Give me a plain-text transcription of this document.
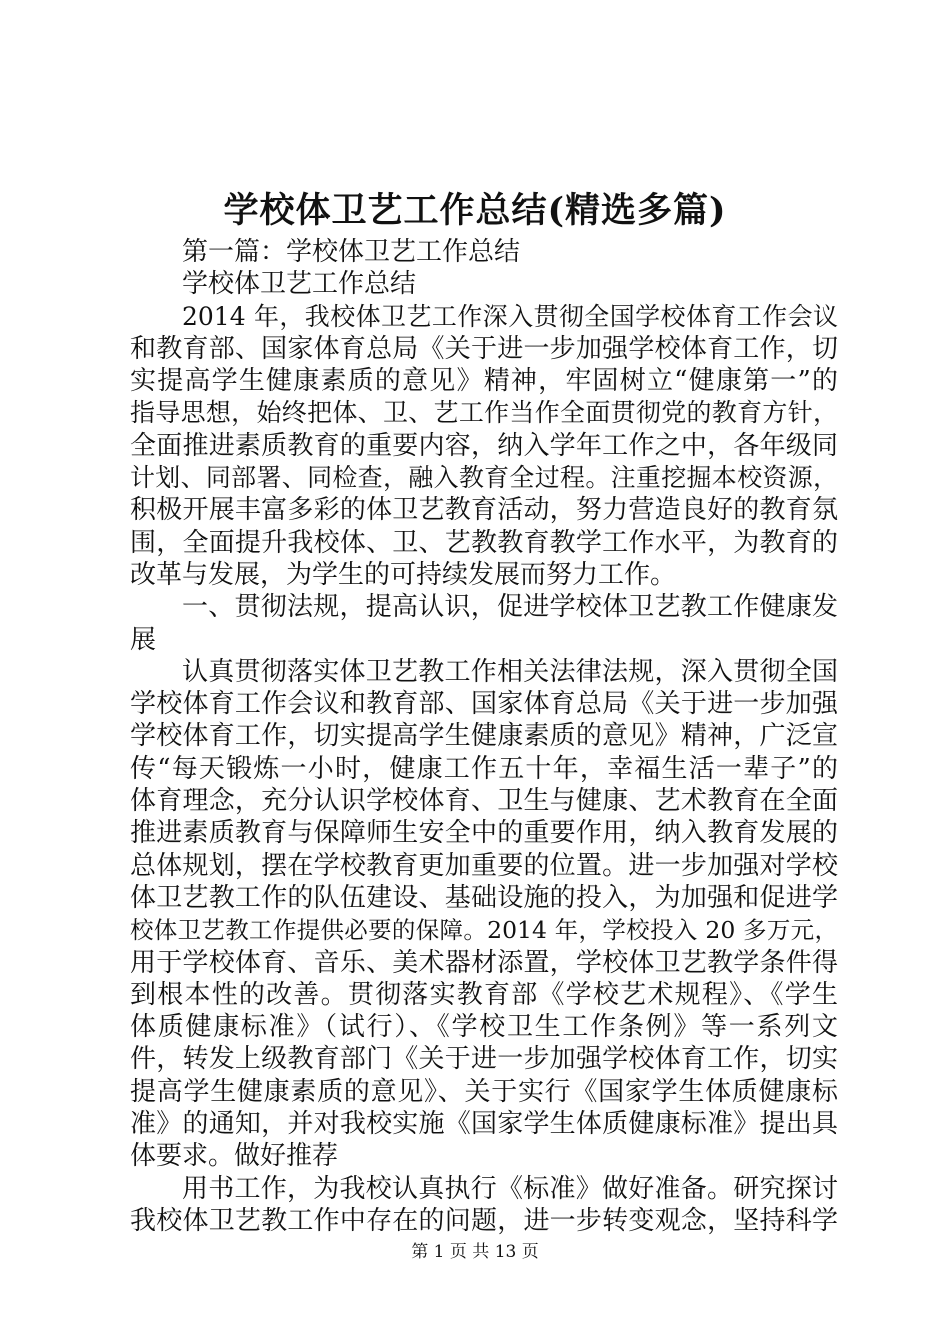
学校体卫艺工作总结(精选多篇)
第一篇：学校体卫艺工作总结
学校体卫艺工作总结
2014 年，我校体卫艺工作深入贯彻全国学校体育工作会议
和教育部、国家体育总局《关于进一步加强学校体育工作，切
实提高学生健康素质的意见》精神，牢固树立“健康第一”的
指导思想，始终把体、卫、艺工作当作全面贯彻党的教育方针，
全面推进素质教育的重要内容，纳入学年工作之中，各年级同
计划、同部署、同检查，融入教育全过程。注重挖掘本校资源，
积极开展丰富多彩的体卫艺教育活动，努力营造良好的教育氛
围，全面提升我校体、卫、艺教教育教学工作水平，为教育的
改革与发展，为学生的可持续发展而努力工作。
一、贯彻法规，提高认识，促进学校体卫艺教工作健康发
展
认真贯彻落实体卫艺教工作相关法律法规，深入贯彻全国
学校体育工作会议和教育部、国家体育总局《关于进一步加强
学校体育工作，切实提高学生健康素质的意见》精神，广泛宣
传“每天锻炼一小时，健康工作五十年，幸福生活一辈子”的
体育理念，充分认识学校体育、卫生与健康、艺术教育在全面
推进素质教育与保障师生安全中的重要作用，纳入教育发展的
总体规划，摆在学校教育更加重要的位置。进一步加强对学校
体卫艺教工作的队伍建设、基础设施的投入，为加强和促进学
校体卫艺教工作提供必要的保障。2014 年，学校投入 20 多万元，
用于学校体育、音乐、美术器材添置，学校体卫艺教学条件得
到根本性的改善。贯彻落实教育部《学校艺术规程》、《学生
体质健康标准》（试行）、《学校卫生工作条例》等一系列文
件，转发上级教育部门《关于进一步加强学校体育工作，切实
提高学生健康素质的意见》、关于实行《国家学生体质健康标
准》的通知，并对我校实施《国家学生体质健康标准》提出具
体要求。做好推荐
用书工作，为我校认真执行《标准》做好准备。研究探讨
我校体卫艺教工作中存在的问题，进一步转变观念，坚持科学
第 1 页 共 13 页
